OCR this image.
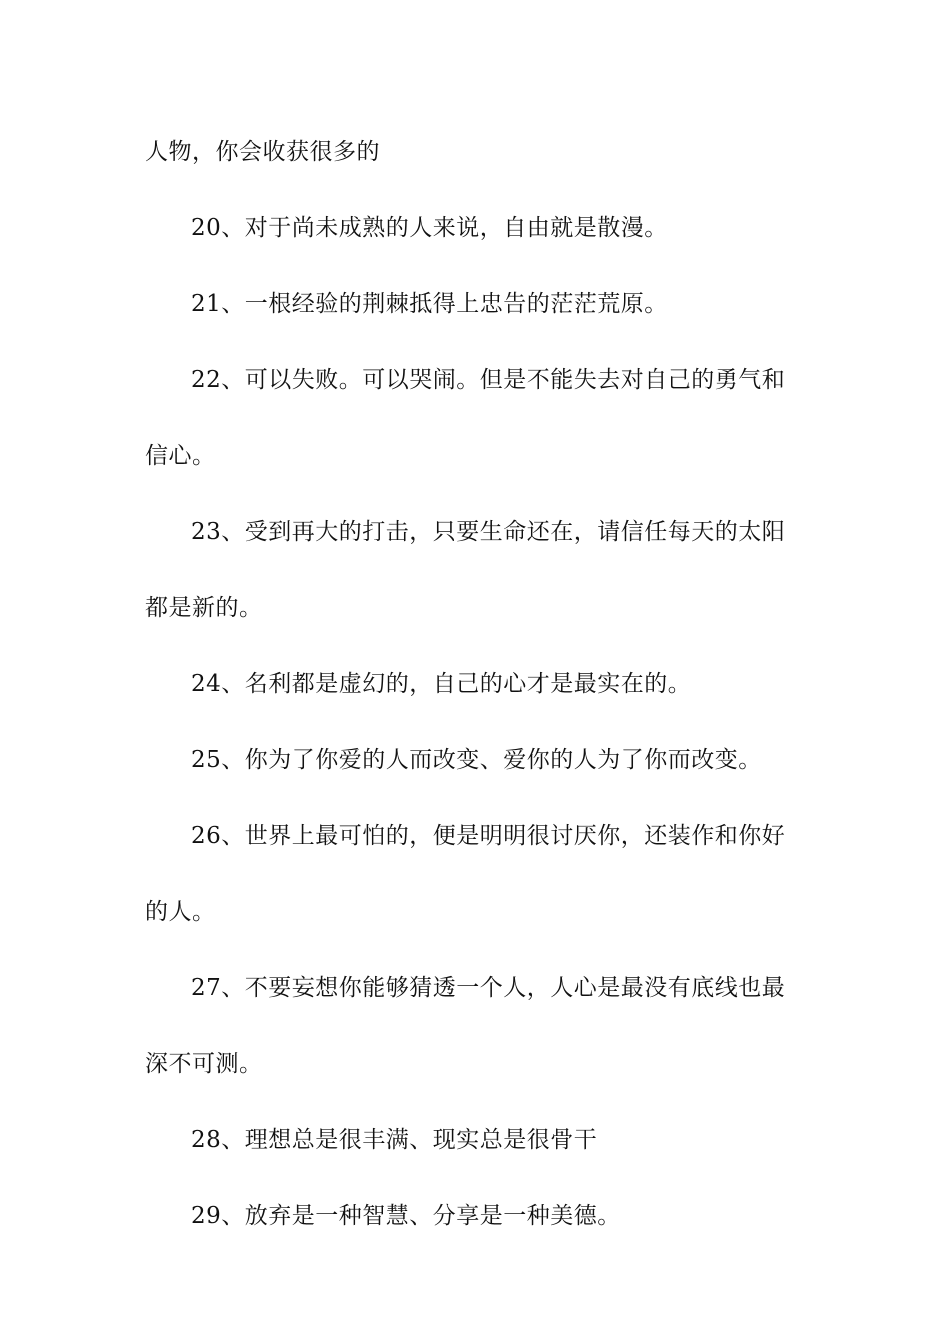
人物，你会收获很多的
20、对于尚未成熟的人来说，自由就是散漫。
21、一根经验的荆棘抵得上忠告的茫茫荒原。
22、可以失败。可以哭闹。但是不能失去对自己的勇气和
信心。
23、受到再大的打击，只要生命还在，请信任每天的太阳
都是新的。
24、名利都是虚幻的，自己的心才是最实在的。
25、你为了你爱的人而改变、爱你的人为了你而改变。
26、世界上最可怕的，便是明明很讨厌你，还装作和你好
的人。
27、不要妄想你能够猜透一个人，人心是最没有底线也最
深不可测。
28、理想总是很丰满、现实总是很骨干
29、放弃是一种智慧、分享是一种美德。
